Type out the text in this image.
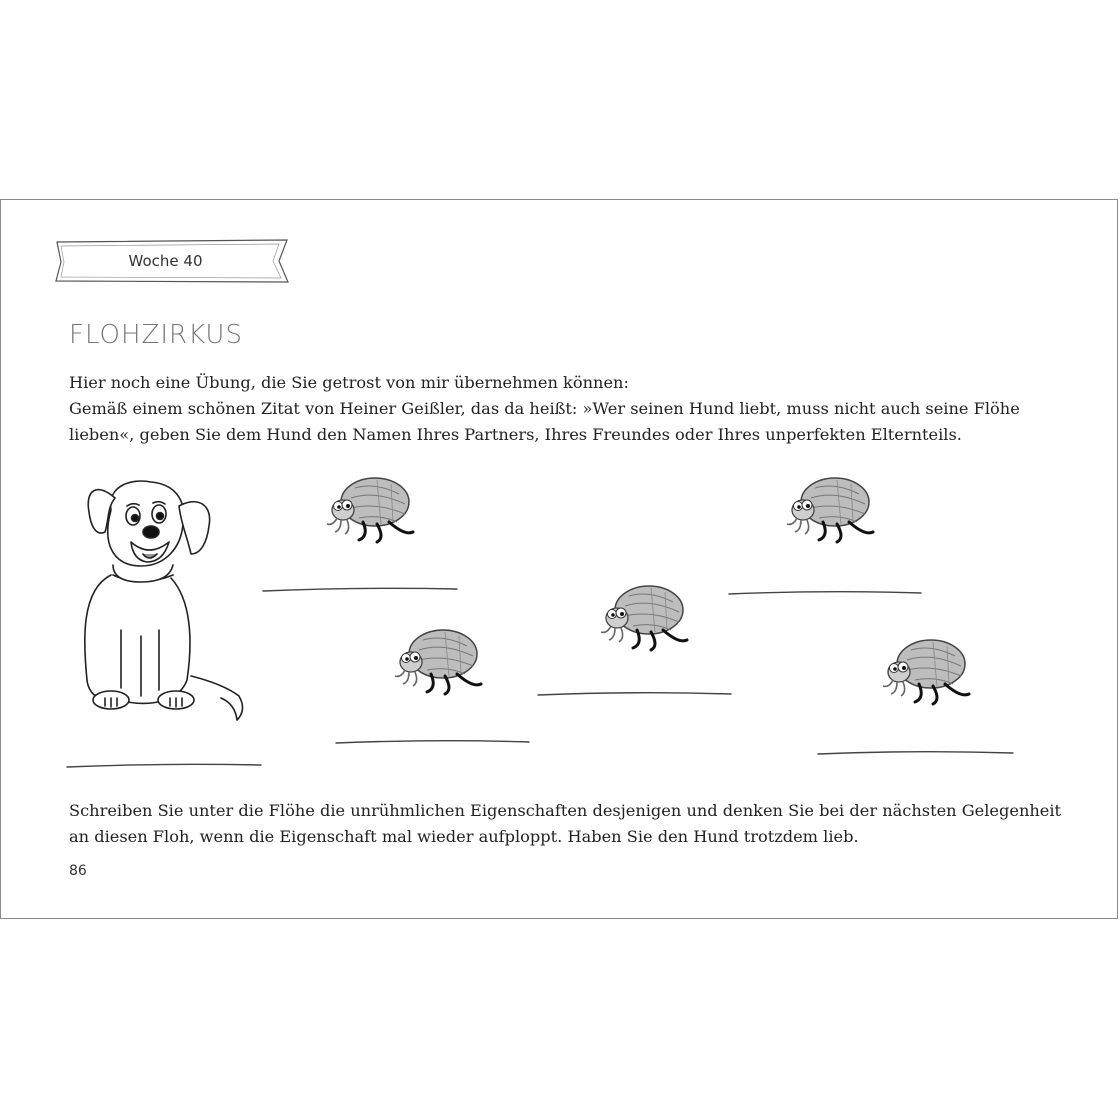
Woche 40
FLOHZIRKUS

Hier noch eine Übung, die Sie getrost von mir übernehmen können:

Gemäß einem schönen Zitat von Heiner Geißler, das da heißt: »Wer seinen Hund liebt, muss nicht auch seine Flöhe lieben«, geben Sie dem Hund den Namen Ihres Partners, Ihres Freundes oder Ihres unperfekten Elternteils.

Schreiben Sie unter die Flöhe die unrühmlichen Eigenschaften desjenigen und denken Sie bei der nächsten Gelegenheit an diesen Floh, wenn die Eigenschaft mal wieder aufploppt. Haben Sie den Hund trotzdem lieb.

86
